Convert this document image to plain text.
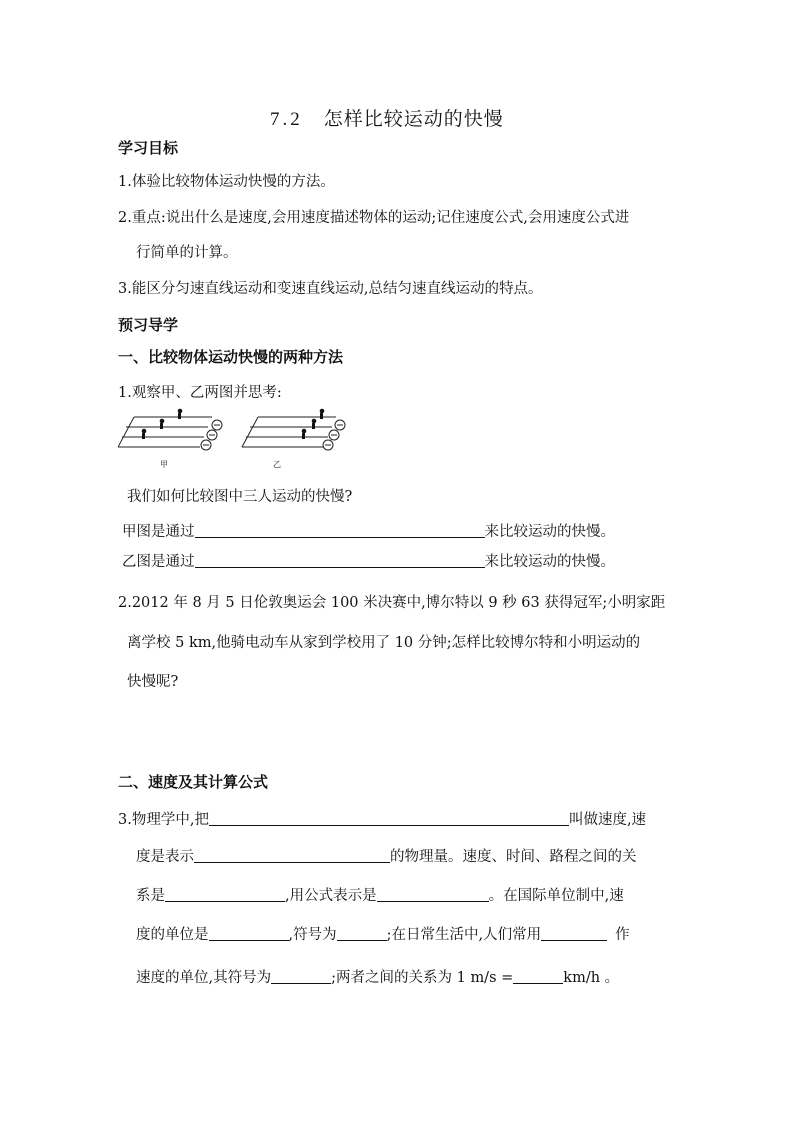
7.2 怎样比较运动的快慢
学习目标
1.体验比较物体运动快慢的方法。
2.重点:说出什么是速度,会用速度描述物体的运动;记住速度公式,会用速度公式进
行简单的计算。
3.能区分匀速直线运动和变速直线运动,总结匀速直线运动的特点。
预习导学
一、比较物体运动快慢的两种方法
1.观察甲、乙两图并思考:
甲	乙
我们如何比较图中三人运动的快慢?
甲图是通过	来比较运动的快慢。
乙图是通过	来比较运动的快慢。
2.2012 年 8 月 5 日伦敦奥运会 100 米决赛中,博尔特以 9 秒 63 获得冠军;小明家距
离学校 5 km,他骑电动车从家到学校用了 10 分钟;怎样比较博尔特和小明运动的
快慢呢?
二、速度及其计算公式
3.物理学中,把	叫做速度,速
度是表示	的物理量。速度、时间、路程之间的关
系是	,用公式表示是	。在国际单位制中,速
度的单位是	,符号为	;在日常生活中,人们常用	作
速度的单位,其符号为	;两者之间的关系为 1 m/s =	km/h 。
